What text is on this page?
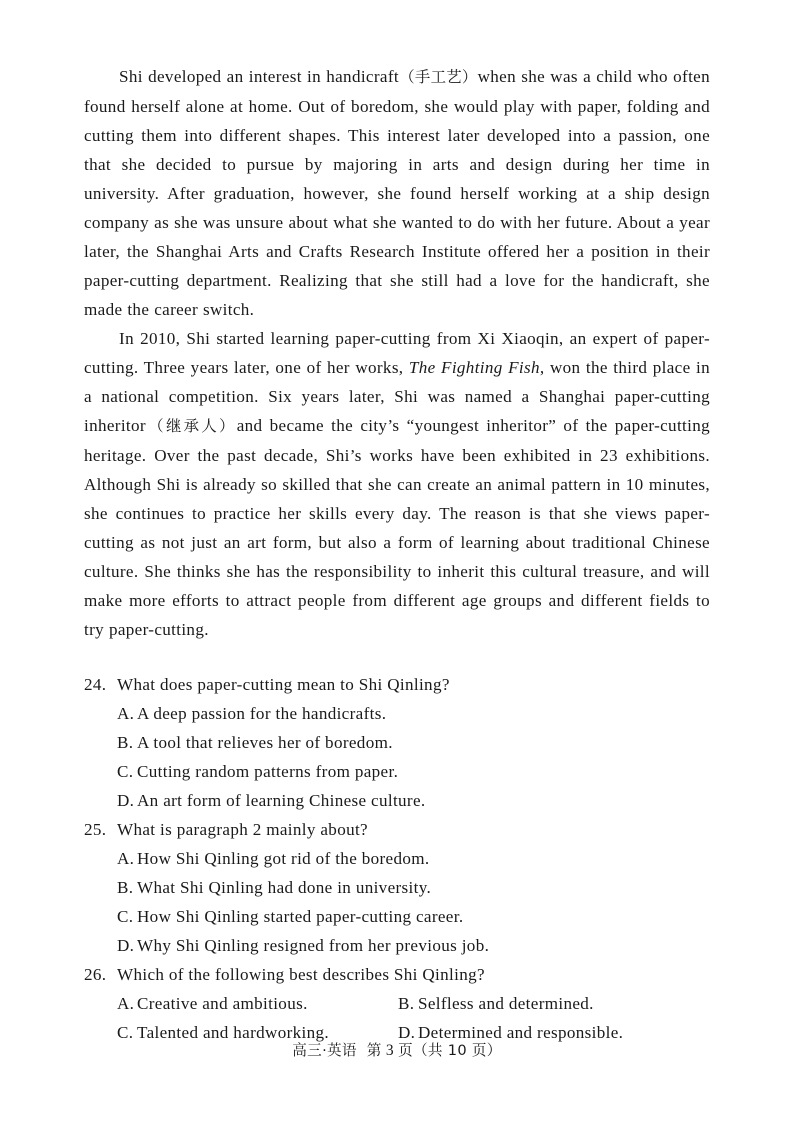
Shi developed an interest in handicraft（手工艺）when she was a child who often found herself alone at home. Out of boredom, she would play with paper, folding and cutting them into different shapes. This interest later developed into a passion, one that she decided to pursue by majoring in arts and design during her time in university. After graduation, however, she found herself working at a ship design company as she was unsure about what she wanted to do with her future. About a year later, the Shanghai Arts and Crafts Research Institute offered her a position in their paper-cutting department. Realizing that she still had a love for the handicraft, she made the career switch.

In 2010, Shi started learning paper-cutting from Xi Xiaoqin, an expert of paper-cutting. Three years later, one of her works, The Fighting Fish, won the third place in a national competition. Six years later, Shi was named a Shanghai paper-cutting inheritor（继承人）and became the city’s “youngest inheritor” of the paper-cutting heritage. Over the past decade, Shi’s works have been exhibited in 23 exhibitions. Although Shi is already so skilled that she can create an animal pattern in 10 minutes, she continues to practice her skills every day. The reason is that she views paper-cutting as not just an art form, but also a form of learning about traditional Chinese culture. She thinks she has the responsibility to inherit this cultural treasure, and will make more efforts to attract people from different age groups and different fields to try paper-cutting.

24. What does paper-cutting mean to Shi Qinling?
A. A deep passion for the handicrafts.
B. A tool that relieves her of boredom.
C. Cutting random patterns from paper.
D. An art form of learning Chinese culture.
25. What is paragraph 2 mainly about?
A. How Shi Qinling got rid of the boredom.
B. What Shi Qinling had done in university.
C. How Shi Qinling started paper-cutting career.
D. Why Shi Qinling resigned from her previous job.
26. Which of the following best describes Shi Qinling?
A. Creative and ambitious.	B. Selfless and determined.
C. Talented and hardworking.	D. Determined and responsible.
高三·英语 第 3 页（共 10 页）
